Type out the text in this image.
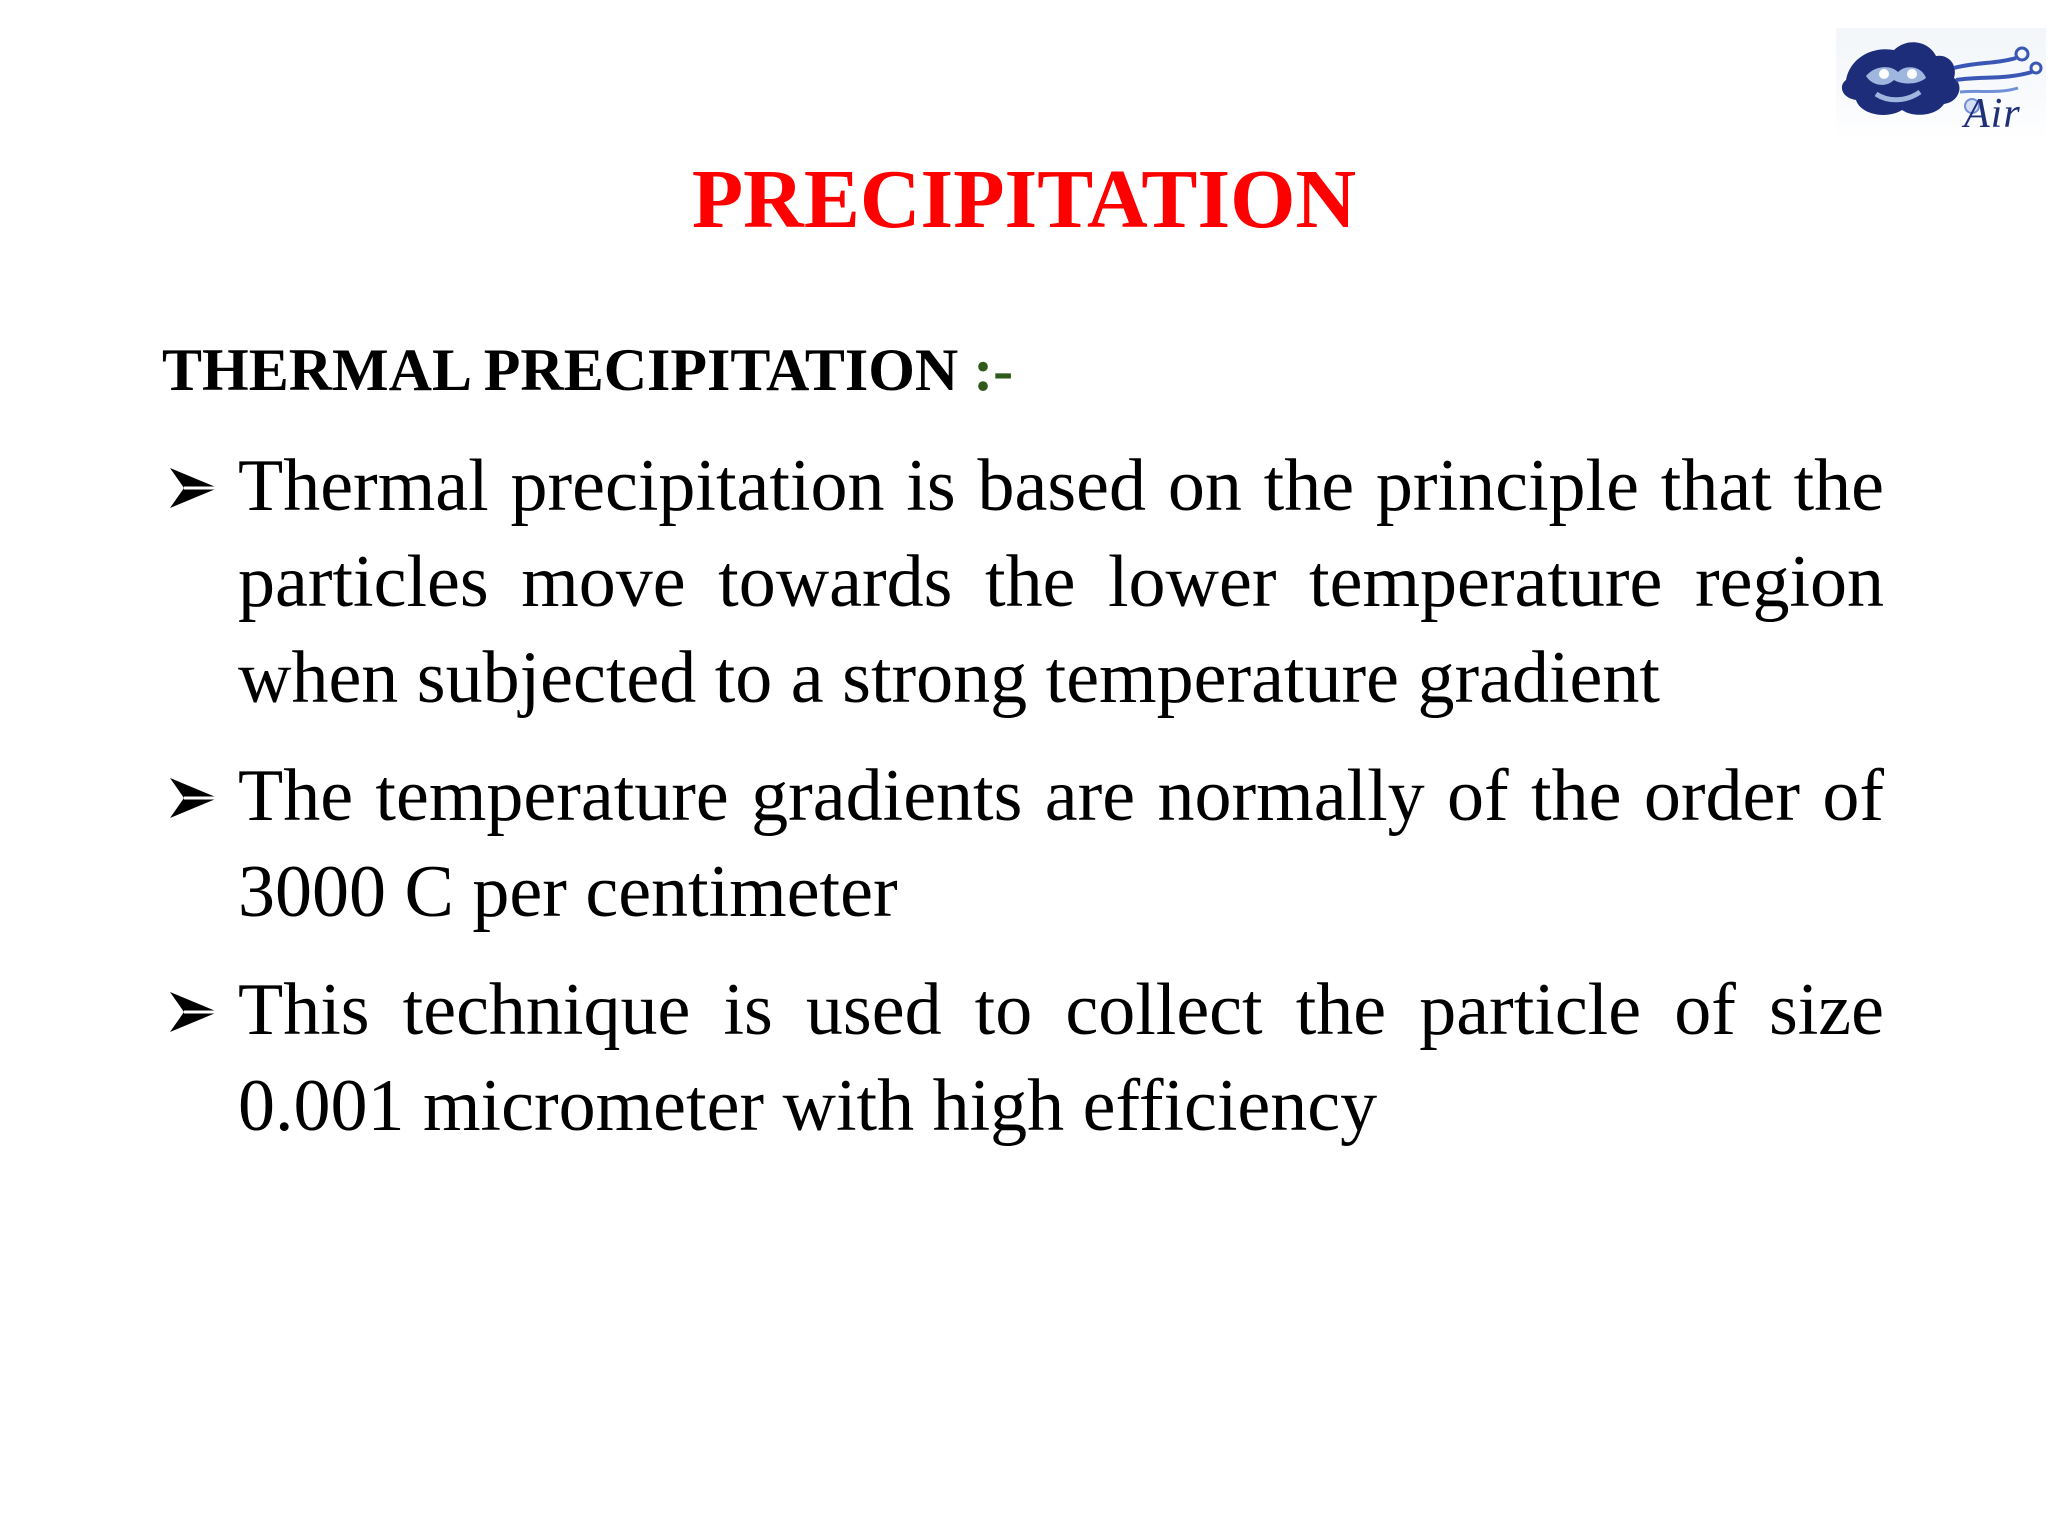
Air
PRECIPITATION

THERMAL PRECIPITATION :-

Thermal precipitation is based on the principle that the particles move towards the lower temperature region when subjected to a strong temperature gradient
The temperature gradients are normally of the order of 3000 C per centimeter
This technique is used to collect the particle of size 0.001 micrometer with high efficiency
